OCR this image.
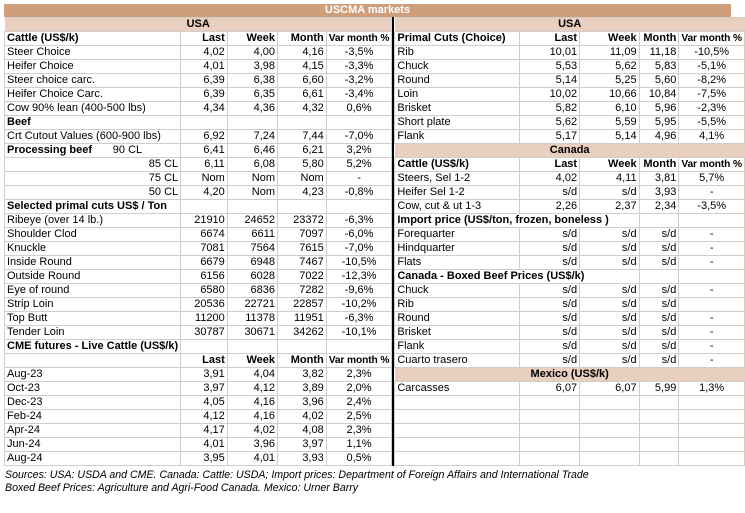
USCMA markets
USA				
Cattle (US$/k)	Last	Week	Month	Var month %
Steer Choice	4,02	4,00	4,16	-3,5%
Heifer Choice	4,01	3,98	4,15	-3,3%
Steer choice carc.	6,39	6,38	6,60	-3,2%
Heifer Choice Carc.	6,39	6,35	6,61	-3,4%
Cow 90% lean (400-500 lbs)	4,34	4,36	4,32	0,6%
Beef				
Crt Cutout Values (600-900 lbs)	6,92	7,24	7,44	-7,0%

Processing beef 90 CL	6,41	6,46	6,21	3,2%

85 CL	6,11	6,08	5,80	5,2%

75 CL	Nom	Nom	Nom	-

50 CL	4,20	Nom	4,23	-0,8%
Selected primal cuts US$ / Ton				
Ribeye (over 14 lb.)	21910	24652	23372	-6,3%
Shoulder Clod	6674	6611	7097	-6,0%
Knuckle	7081	7564	7615	-7,0%
Inside Round	6679	6948	7467	-10,5%
Outside Round	6156	6028	7022	-12,3%
Eye of round	6580	6836	7282	-9,6%
Strip Loin	20536	22721	22857	-10,2%
Top Butt	11200	11378	11951	-6,3%
Tender Loin	30787	30671	34262	-10,1%
CME futures - Live Cattle (US$/k)				
	Last	Week	Month	Var month %
Aug-23	3,91	4,04	3,82	2,3%
Oct-23	3,97	4,12	3,89	2,0%
Dec-23	4,05	4,16	3,96	2,4%
Feb-24	4,12	4,16	4,02	2,5%
Apr-24	4,17	4,02	4,08	2,3%
Jun-24	4,01	3,96	3,97	1,1%
Aug-24	3,95	4,01	3,93	0,5%
USA				
Primal Cuts (Choice)	Last	Week	Month	Var month %
Rib	10,01	11,09	11,18	-10,5%
Chuck	5,53	5,62	5,83	-5,1%
Round	5,14	5,25	5,60	-8,2%
Loin	10,02	10,66	10,84	-7,5%
Brisket	5,82	6,10	5,96	-2,3%
Short plate	5,62	5,59	5,95	-5,5%
Flank	5,17	5,14	4,96	4,1%
Canada				
Cattle (US$/k)	Last	Week	Month	Var month %
Steers, Sel 1-2	4,02	4,11	3,81	5,7%
Heifer Sel 1-2	s/d	s/d	3,93	-
Cow, cut & ut 1-3	2,26	2,37	2,34	-3,5%
Import price (US$/ton, frozen, boneless )				
Forequarter	s/d	s/d	s/d	-
Hindquarter	s/d	s/d	s/d	-
Flats	s/d	s/d	s/d	-
Canada - Boxed Beef Prices (US$/k)				
Chuck	s/d	s/d	s/d	-
Rib	s/d	s/d	s/d	
Round	s/d	s/d	s/d	-
Brisket	s/d	s/d	s/d	-
Flank	s/d	s/d	s/d	-
Cuarto trasero	s/d	s/d	s/d	-
Mexico (US$/k)				
Carcasses	6,07	6,07	5,99	1,3%

Sources: USA: USDA and CME. Canada: Cattle: USDA; Import prices: Department of Foreign Affairs and International Trade
Boxed Beef Prices: Agriculture and Agri-Food Canada. Mexico: Urner Barry
